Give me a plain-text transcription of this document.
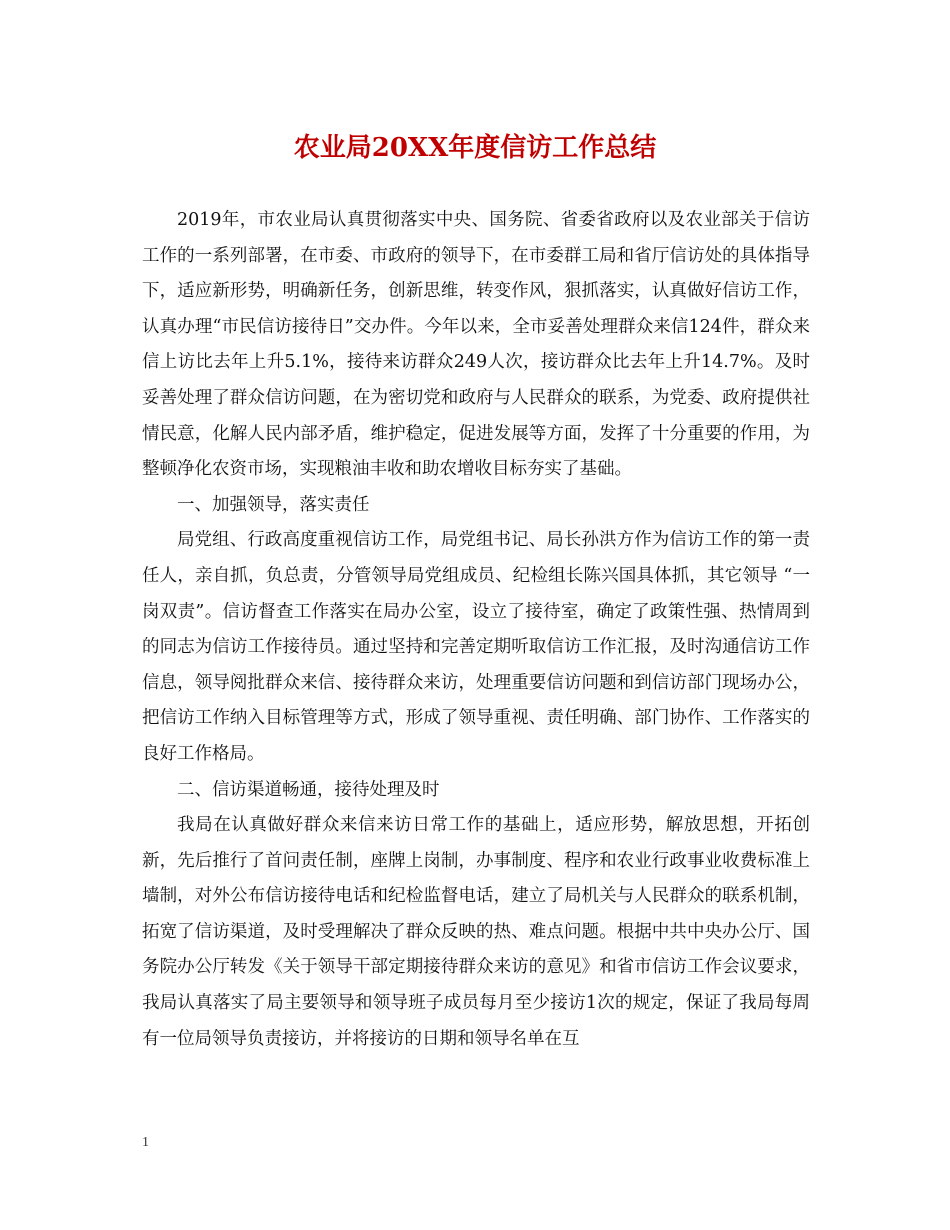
农业局20XX年度信访工作总结

2019年，市农业局认真贯彻落实中央、国务院、省委省政府以及农业部关于信访工作的一系列部署，在市委、市政府的领导下，在市委群工局和省厅信访处的具体指导下，适应新形势，明确新任务，创新思维，转变作风，狠抓落实，认真做好信访工作，认真办理“市民信访接待日”交办件。今年以来，全市妥善处理群众来信124件，群众来信上访比去年上升5.1%，接待来访群众249人次，接访群众比去年上升14.7%。及时妥善处理了群众信访问题，在为密切党和政府与人民群众的联系，为党委、政府提供社情民意，化解人民内部矛盾，维护稳定，促进发展等方面，发挥了十分重要的作用，为整顿净化农资市场，实现粮油丰收和助农增收目标夯实了基础。

一、加强领导，落实责任

局党组、行政高度重视信访工作，局党组书记、局长孙洪方作为信访工作的第一责任人，亲自抓，负总责，分管领导局党组成员、纪检组长陈兴国具体抓，其它领导 “一岗双责”。信访督查工作落实在局办公室，设立了接待室，确定了政策性强、热情周到的同志为信访工作接待员。通过坚持和完善定期听取信访工作汇报，及时沟通信访工作信息，领导阅批群众来信、接待群众来访，处理重要信访问题和到信访部门现场办公，把信访工作纳入目标管理等方式，形成了领导重视、责任明确、部门协作、工作落实的良好工作格局。

二、信访渠道畅通，接待处理及时

我局在认真做好群众来信来访日常工作的基础上，适应形势，解放思想，开拓创新，先后推行了首问责任制，座牌上岗制，办事制度、程序和农业行政事业收费标准上墙制，对外公布信访接待电话和纪检监督电话，建立了局机关与人民群众的联系机制，拓宽了信访渠道，及时受理解决了群众反映的热、难点问题。根据中共中央办公厅、国务院办公厅转发《关于领导干部定期接待群众来访的意见》和省市信访工作会议要求，我局认真落实了局主要领导和领导班子成员每月至少接访1次的规定，保证了我局每周有一位局领导负责接访，并将接访的日期和领导名单在互

1
